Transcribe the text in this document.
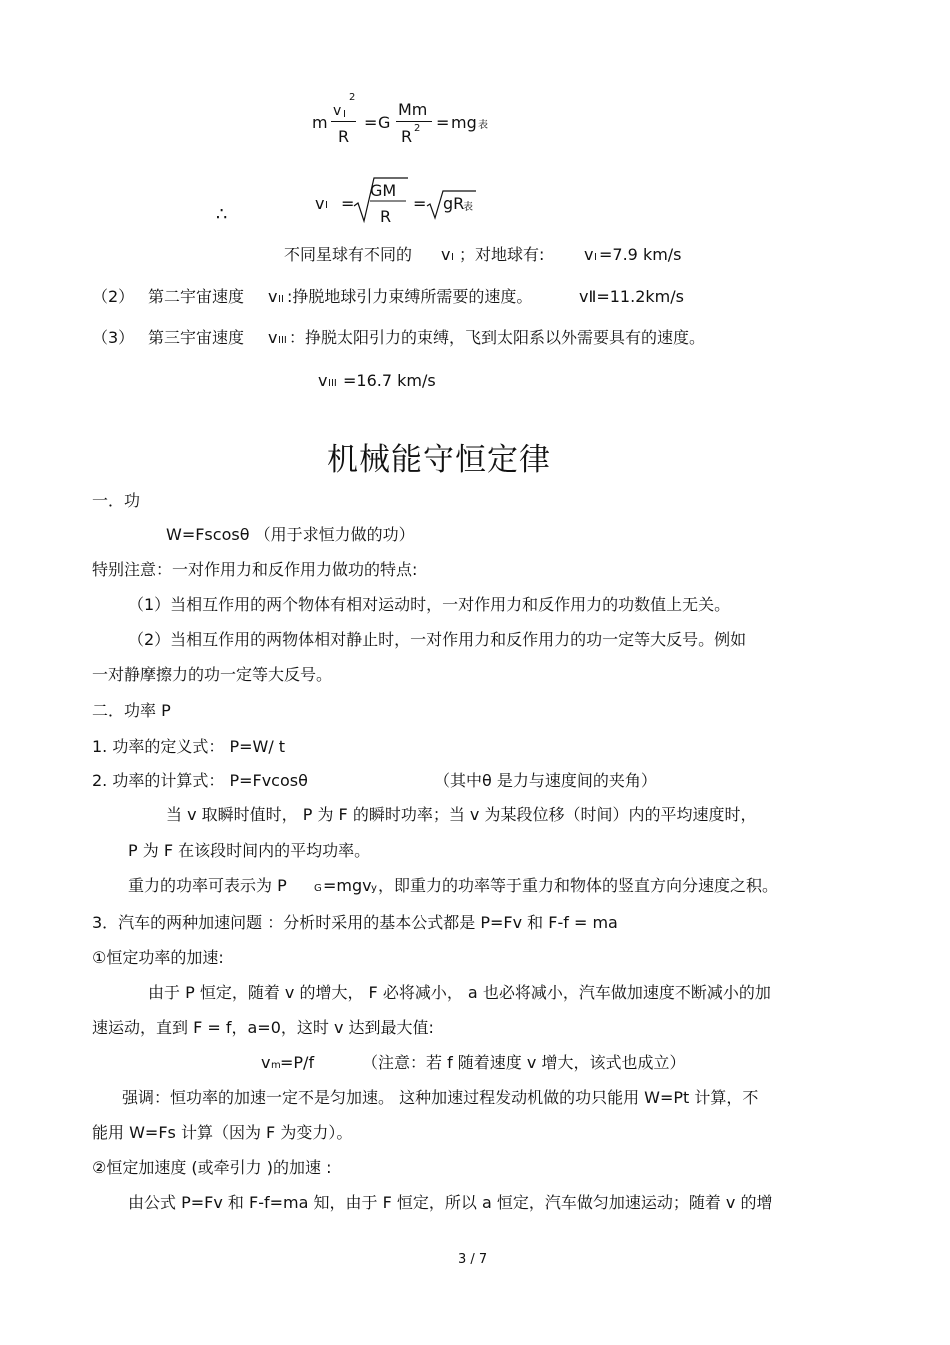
m
v I
2
R
= G
Mm
R 2 = mg 表
∴
v I =
GM
R
= gR
表
不同星球有不同的 v I ；对地球有: v I =7.9 km/s
（2） 第二宇宙速度 v II :挣脱地球引力束缚所需要的速度。	vⅡ=11.2km/s
（3） 第三宇宙速度 v III ：挣脱太阳引力的束缚，飞到太阳系以外需要具有的速度。
v III =16.7 km/s
机械能守恒定律
一．功
W=Fscosθ （用于求恒力做的功）
特别注意：一对作用力和反作用力做功的特点:
（1）当相互作用的两个物体有相对运动时，一对作用力和反作用力的功数值上无关。
（2）当相互作用的两物体相对静止时，一对作用力和反作用力的功一定等大反号。例如
一对静摩擦力的功一定等大反号。
二．功率 P
1. 功率的定义式： P=W/ t
2. 功率的计算式： P=Fvcosθ	（其中θ 是力与速度间的夹角）
当 v 取瞬时值时， P 为 F 的瞬时功率；当 v 为某段位移（时间）内的平均速度时，
P 为 F 在该段时间内的平均功率。
重力的功率可表示为 P	G =mgv y ，即重力的功率等于重力和物体的竖直方向分速度之积。
3．汽车的两种加速问题 ：分析时采用的基本公式都是 P=Fv 和 F-f = ma
①恒定功率的加速:
由于 P 恒定，随着 v 的增大， F 必将减小， a 也必将减小，汽车做加速度不断减小的加
速运动，直到 F = f，a=0，这时 v 达到最大值:
v m =P/f	（注意：若 f 随着速度 v 增大，该式也成立）
强调：恒功率的加速一定不是匀加速。 这种加速过程发动机做的功只能用 W=Pt 计算，不
能用 W=Fs 计算（因为 F 为变力）。
②恒定加速度 (或牵引力 )的加速 :
由公式 P=Fv 和 F-f=ma 知，由于 F 恒定，所以 a 恒定，汽车做匀加速运动；随着 v 的增
3 / 7
